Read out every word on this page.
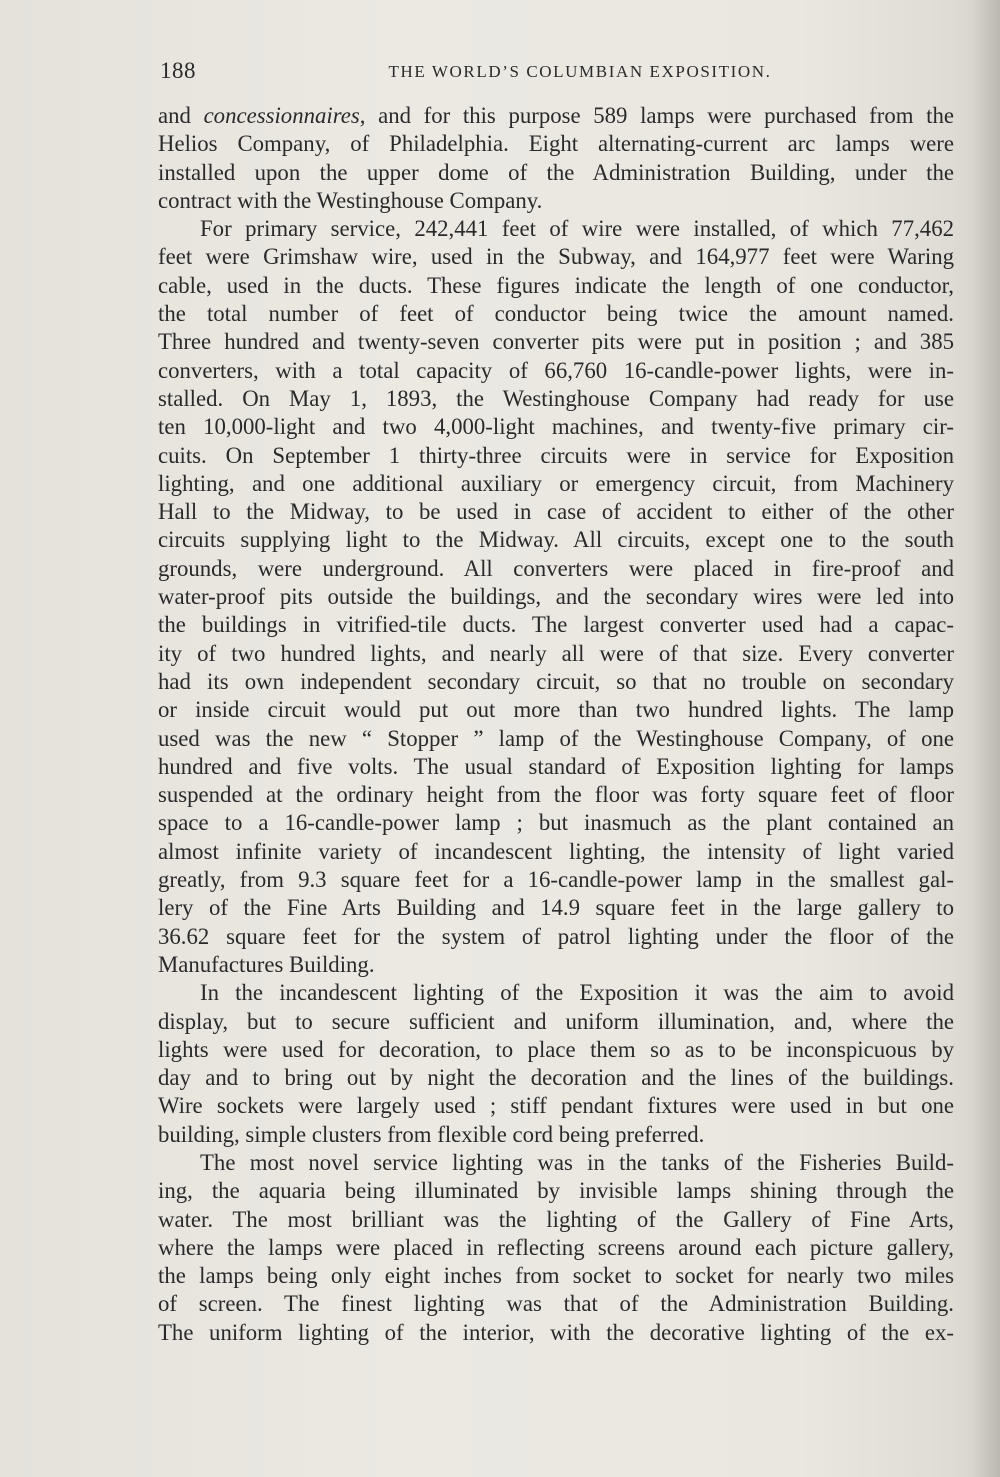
188	THE WORLD’S COLUMBIAN EXPOSITION.

and concessionnaires, and for this purpose 589 lamps were purchased from the
Helios Company, of Philadelphia. Eight alternating-current arc lamps were
installed upon the upper dome of the Administration Building, under the
contract with the Westinghouse Company.

For primary service, 242,441 feet of wire were installed, of which 77,462
feet were Grimshaw wire, used in the Subway, and 164,977 feet were Waring
cable, used in the ducts. These figures indicate the length of one conductor,
the total number of feet of conductor being twice the amount named.
Three hundred and twenty-seven converter pits were put in position ; and 385
converters, with a total capacity of 66,760 16-candle-power lights, were in-
stalled. On May 1, 1893, the Westinghouse Company had ready for use
ten 10,000-light and two 4,000-light machines, and twenty-five primary cir-
cuits. On September 1 thirty-three circuits were in service for Exposition
lighting, and one additional auxiliary or emergency circuit, from Machinery
Hall to the Midway, to be used in case of accident to either of the other
circuits supplying light to the Midway. All circuits, except one to the south
grounds, were underground. All converters were placed in fire-proof and
water-proof pits outside the buildings, and the secondary wires were led into
the buildings in vitrified-tile ducts. The largest converter used had a capac-
ity of two hundred lights, and nearly all were of that size. Every converter
had its own independent secondary circuit, so that no trouble on secondary
or inside circuit would put out more than two hundred lights. The lamp
used was the new “ Stopper ” lamp of the Westinghouse Company, of one
hundred and five volts. The usual standard of Exposition lighting for lamps
suspended at the ordinary height from the floor was forty square feet of floor
space to a 16-candle-power lamp ; but inasmuch as the plant contained an
almost infinite variety of incandescent lighting, the intensity of light varied
greatly, from 9.3 square feet for a 16-candle-power lamp in the smallest gal-
lery of the Fine Arts Building and 14.9 square feet in the large gallery to
36.62 square feet for the system of patrol lighting under the floor of the
Manufactures Building.

In the incandescent lighting of the Exposition it was the aim to avoid
display, but to secure sufficient and uniform illumination, and, where the
lights were used for decoration, to place them so as to be inconspicuous by
day and to bring out by night the decoration and the lines of the buildings.
Wire sockets were largely used ; stiff pendant fixtures were used in but one
building, simple clusters from flexible cord being preferred.

The most novel service lighting was in the tanks of the Fisheries Build-
ing, the aquaria being illuminated by invisible lamps shining through the
water. The most brilliant was the lighting of the Gallery of Fine Arts,
where the lamps were placed in reflecting screens around each picture gallery,
the lamps being only eight inches from socket to socket for nearly two miles
of screen. The finest lighting was that of the Administration Building.
The uniform lighting of the interior, with the decorative lighting of the ex-
